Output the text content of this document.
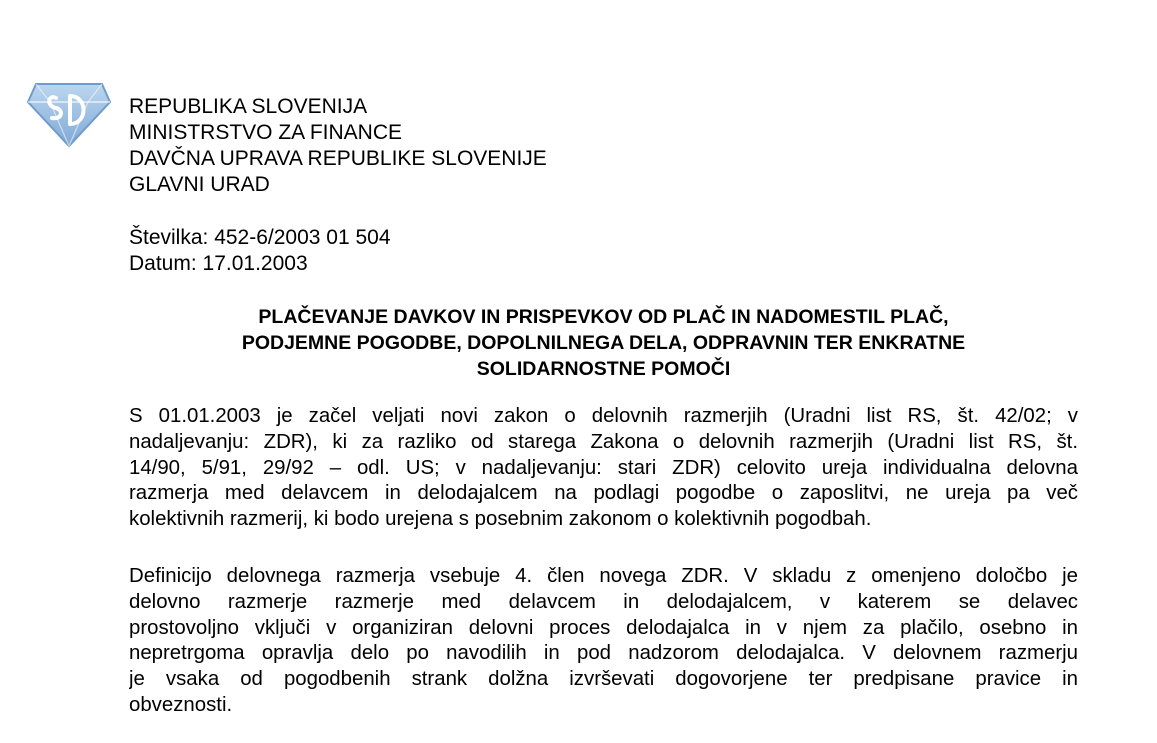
REPUBLIKA SLOVENIJA
MINISTRSTVO ZA FINANCE
DAVČNA UPRAVA REPUBLIKE SLOVENIJE
GLAVNI URAD
Številka: 452-6/2003 01 504
Datum: 17.01.2003
PLAČEVANJE DAVKOV IN PRISPEVKOV OD PLAČ IN NADOMESTIL PLAČ,
PODJEMNE POGODBE, DOPOLNILNEGA DELA, ODPRAVNIN TER ENKRATNE
SOLIDARNOSTNE POMOČI
S 01.01.2003 je začel veljati novi zakon o delovnih razmerjih (Uradni list RS, št. 42/02; v
nadaljevanju: ZDR), ki za razliko od starega Zakona o delovnih razmerjih (Uradni list RS, št.
14/90, 5/91, 29/92 – odl. US; v nadaljevanju: stari ZDR) celovito ureja individualna delovna
razmerja med delavcem in delodajalcem na podlagi pogodbe o zaposlitvi, ne ureja pa več
kolektivnih razmerij, ki bodo urejena s posebnim zakonom o kolektivnih pogodbah.
Definicijo delovnega razmerja vsebuje 4. člen novega ZDR. V skladu z omenjeno določbo je
delovno razmerje razmerje med delavcem in delodajalcem, v katerem se delavec
prostovoljno vključi v organiziran delovni proces delodajalca in v njem za plačilo, osebno in
nepretrgoma opravlja delo po navodilih in pod nadzorom delodajalca. V delovnem razmerju
je vsaka od pogodbenih strank dolžna izvrševati dogovorjene ter predpisane pravice in
obveznosti.
